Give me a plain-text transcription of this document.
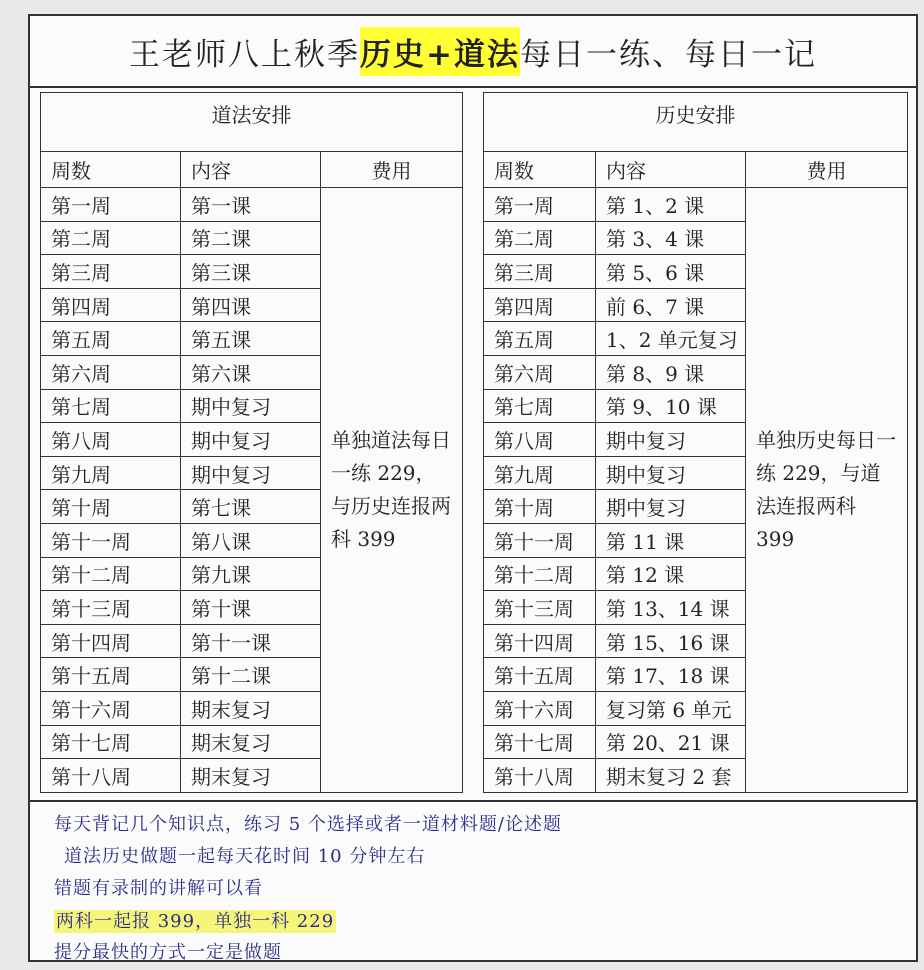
王老师八上秋季 历史+道法 每日一练、每日一记
道法安排		
周数	内容	费用
第一周	第一课	单独道法每日一练 229，与历史连报两科 399
第二周	第二课	
第三周	第三课	
第四周	第四课	
第五周	第五课	
第六周	第六课	
第七周	期中复习	
第八周	期中复习	
第九周	期中复习	
第十周	第七课	
第十一周	第八课	
第十二周	第九课	
第十三周	第十课	
第十四周	第十一课	
第十五周	第十二课	
第十六周	期末复习	
第十七周	期末复习	
第十八周	期末复习	
历史安排		
周数	内容	费用
第一周	第 1、2 课	单独历史每日一练 229，与道法连报两科 399
第二周	第 3、4 课	
第三周	第 5、6 课	
第四周	前 6、7 课	
第五周	1、2 单元复习	
第六周	第 8、9 课	
第七周	第 9、10 课	
第八周	期中复习	
第九周	期中复习	
第十周	期中复习	
第十一周	第 11 课	
第十二周	第 12 课	
第十三周	第 13、14 课	
第十四周	第 15、16 课	
第十五周	第 17、18 课	
第十六周	复习第 6 单元	
第十七周	第 20、21 课	
第十八周	期末复习 2 套	
每天背记几个知识点，练习 5 个选择或者一道材料题/论述题
道法历史做题一起每天花时间 10 分钟左右
错题有录制的讲解可以看
两科一起报 399，单独一科 229
提分最快的方式一定是做题
